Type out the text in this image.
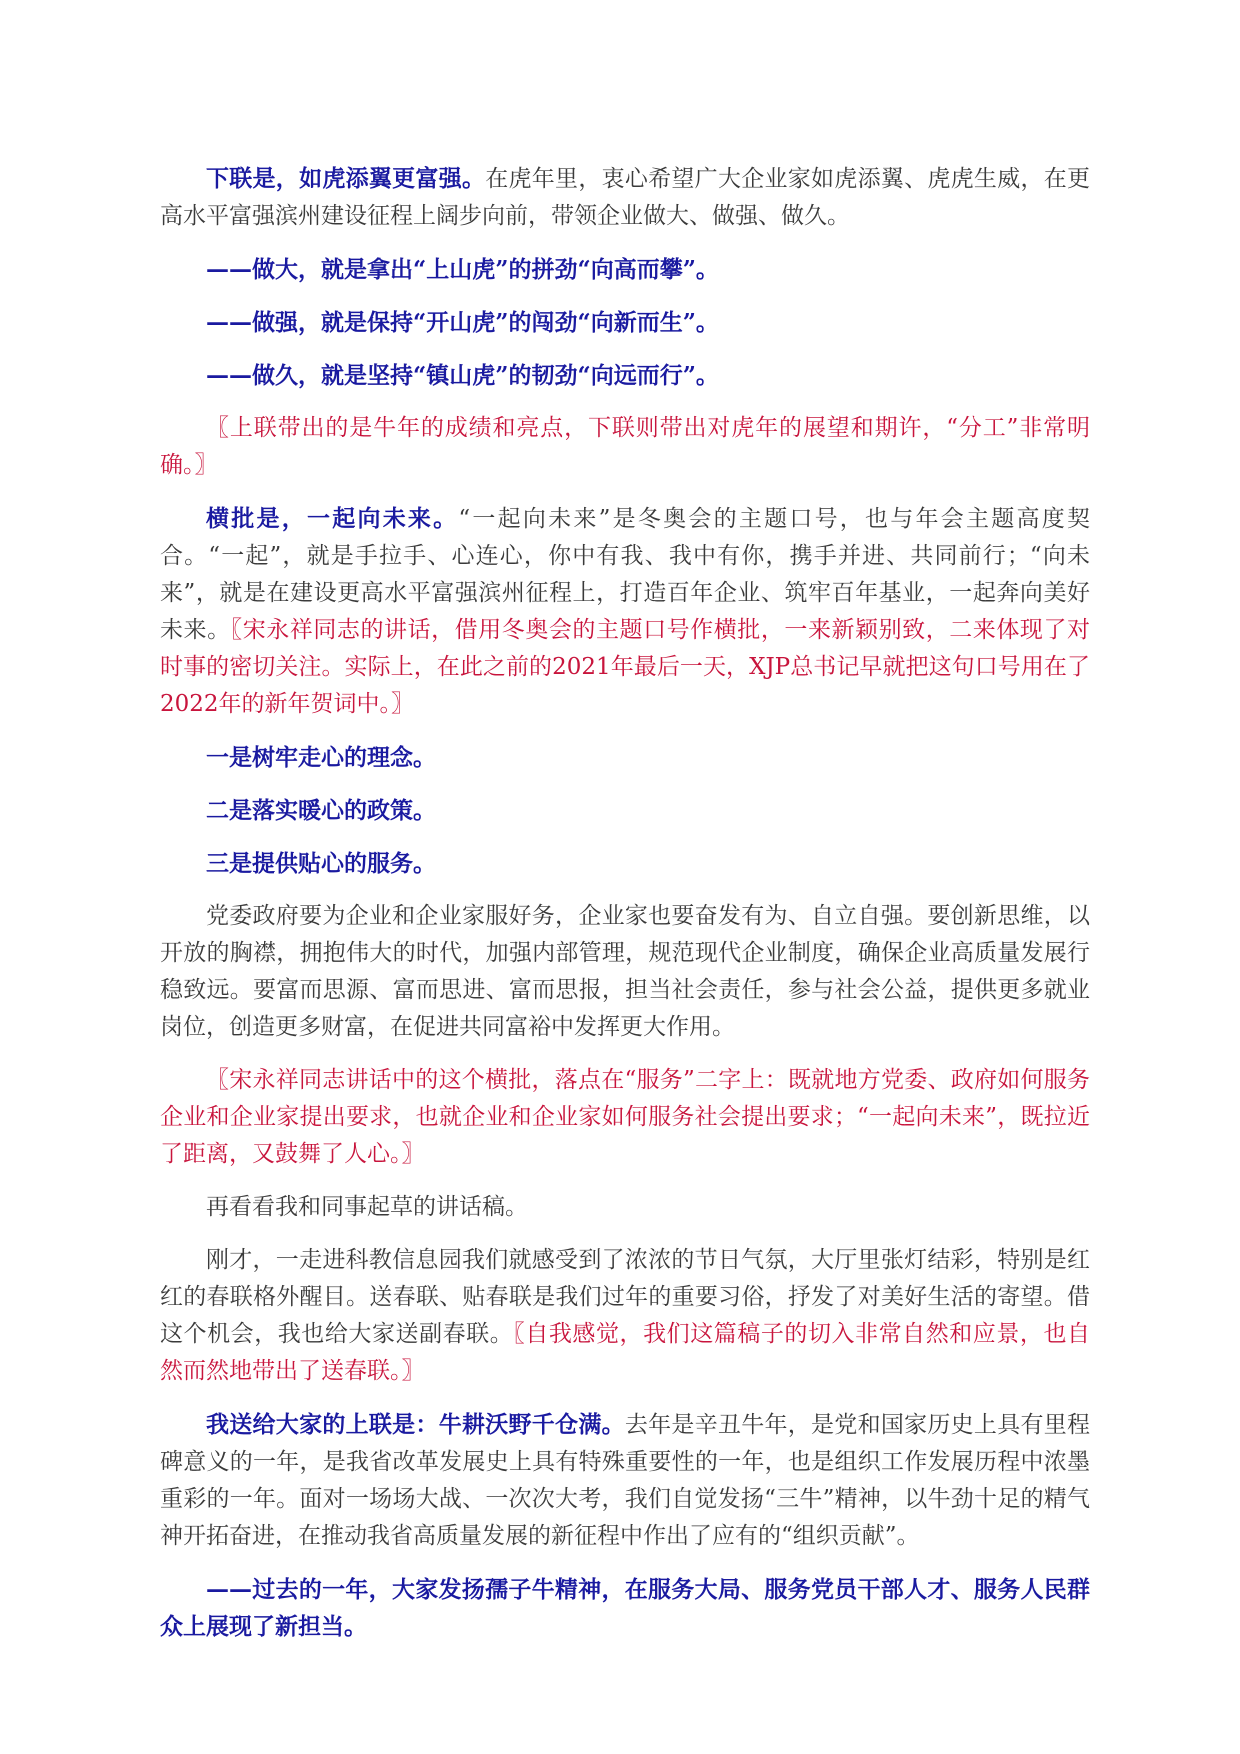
下联是，如虎添翼更富强。在虎年里，衷心希望广大企业家如虎添翼、虎虎生威，在更高水平富强滨州建设征程上阔步向前，带领企业做大、做强、做久。

——做大，就是拿出“上山虎”的拼劲“向高而攀”。

——做强，就是保持“开山虎”的闯劲“向新而生”。

——做久，就是坚持“镇山虎”的韧劲“向远而行”。

〖上联带出的是牛年的成绩和亮点，下联则带出对虎年的展望和期许，“分工”非常明确。〗

横批是，一起向未来。“一起向未来”是冬奥会的主题口号，也与年会主题高度契合。“一起”，就是手拉手、心连心，你中有我、我中有你，携手并进、共同前行；“向未来”，就是在建设更高水平富强滨州征程上，打造百年企业、筑牢百年基业，一起奔向美好未来。〖宋永祥同志的讲话，借用冬奥会的主题口号作横批，一来新颖别致，二来体现了对时事的密切关注。实际上，在此之前的2021年最后一天，XJP总书记早就把这句口号用在了2022年的新年贺词中。〗

一是树牢走心的理念。

二是落实暖心的政策。

三是提供贴心的服务。

党委政府要为企业和企业家服好务，企业家也要奋发有为、自立自强。要创新思维，以开放的胸襟，拥抱伟大的时代，加强内部管理，规范现代企业制度，确保企业高质量发展行稳致远。要富而思源、富而思进、富而思报，担当社会责任，参与社会公益，提供更多就业岗位，创造更多财富，在促进共同富裕中发挥更大作用。

〖宋永祥同志讲话中的这个横批，落点在“服务”二字上：既就地方党委、政府如何服务企业和企业家提出要求，也就企业和企业家如何服务社会提出要求；“一起向未来”，既拉近了距离，又鼓舞了人心。〗

再看看我和同事起草的讲话稿。

刚才，一走进科教信息园我们就感受到了浓浓的节日气氛，大厅里张灯结彩，特别是红红的春联格外醒目。送春联、贴春联是我们过年的重要习俗，抒发了对美好生活的寄望。借这个机会，我也给大家送副春联。〖自我感觉，我们这篇稿子的切入非常自然和应景，也自然而然地带出了送春联。〗

我送给大家的上联是：牛耕沃野千仓满。去年是辛丑牛年，是党和国家历史上具有里程碑意义的一年，是我省改革发展史上具有特殊重要性的一年，也是组织工作发展历程中浓墨重彩的一年。面对一场场大战、一次次大考，我们自觉发扬“三牛”精神，以牛劲十足的精气神开拓奋进，在推动我省高质量发展的新征程中作出了应有的“组织贡献”。

——过去的一年，大家发扬孺子牛精神，在服务大局、服务党员干部人才、服务人民群众上展现了新担当。
